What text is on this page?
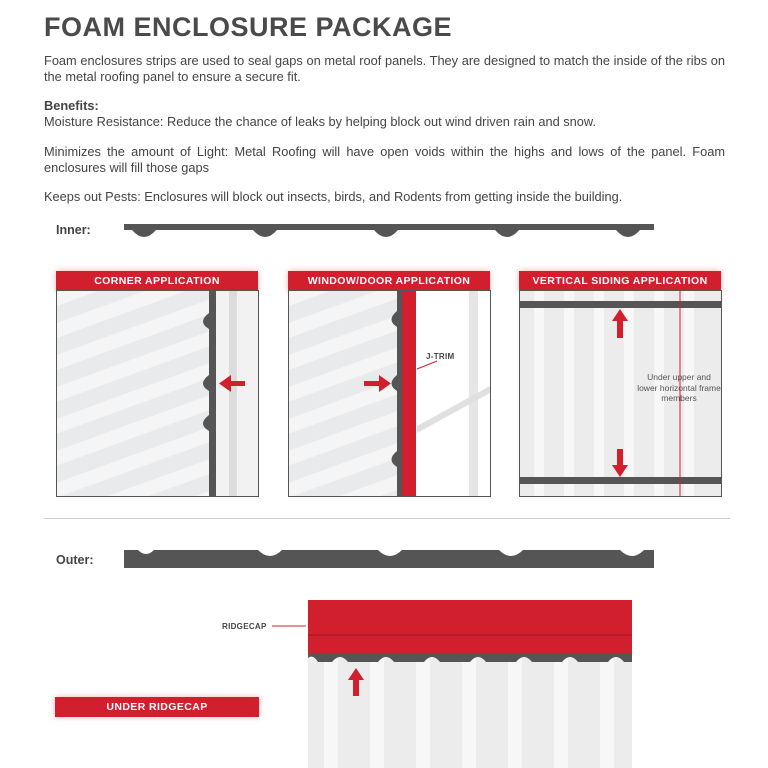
FOAM ENCLOSURE PACKAGE

Foam enclosures strips are used to seal gaps on metal roof panels. They are designed to match the inside of the ribs on the metal roofing panel to ensure a secure fit.

Benefits:

Moisture Resistance: Reduce the chance of leaks by helping block out wind driven rain and snow.

Minimizes the amount of Light: Metal Roofing will have open voids within the highs and lows of the panel. Foam enclosures will fill those gaps

Keeps out Pests: Enclosures will block out insects, birds, and Rodents from getting inside the building.

Inner:
CORNER APPLICATION	WINDOW/DOOR APPLICATION
J-TRIM
VERTICAL SIDING APPLICATION
Under upper and lower horizontal frame members
Outer:
RIDGECAP
UNDER RIDGECAP
